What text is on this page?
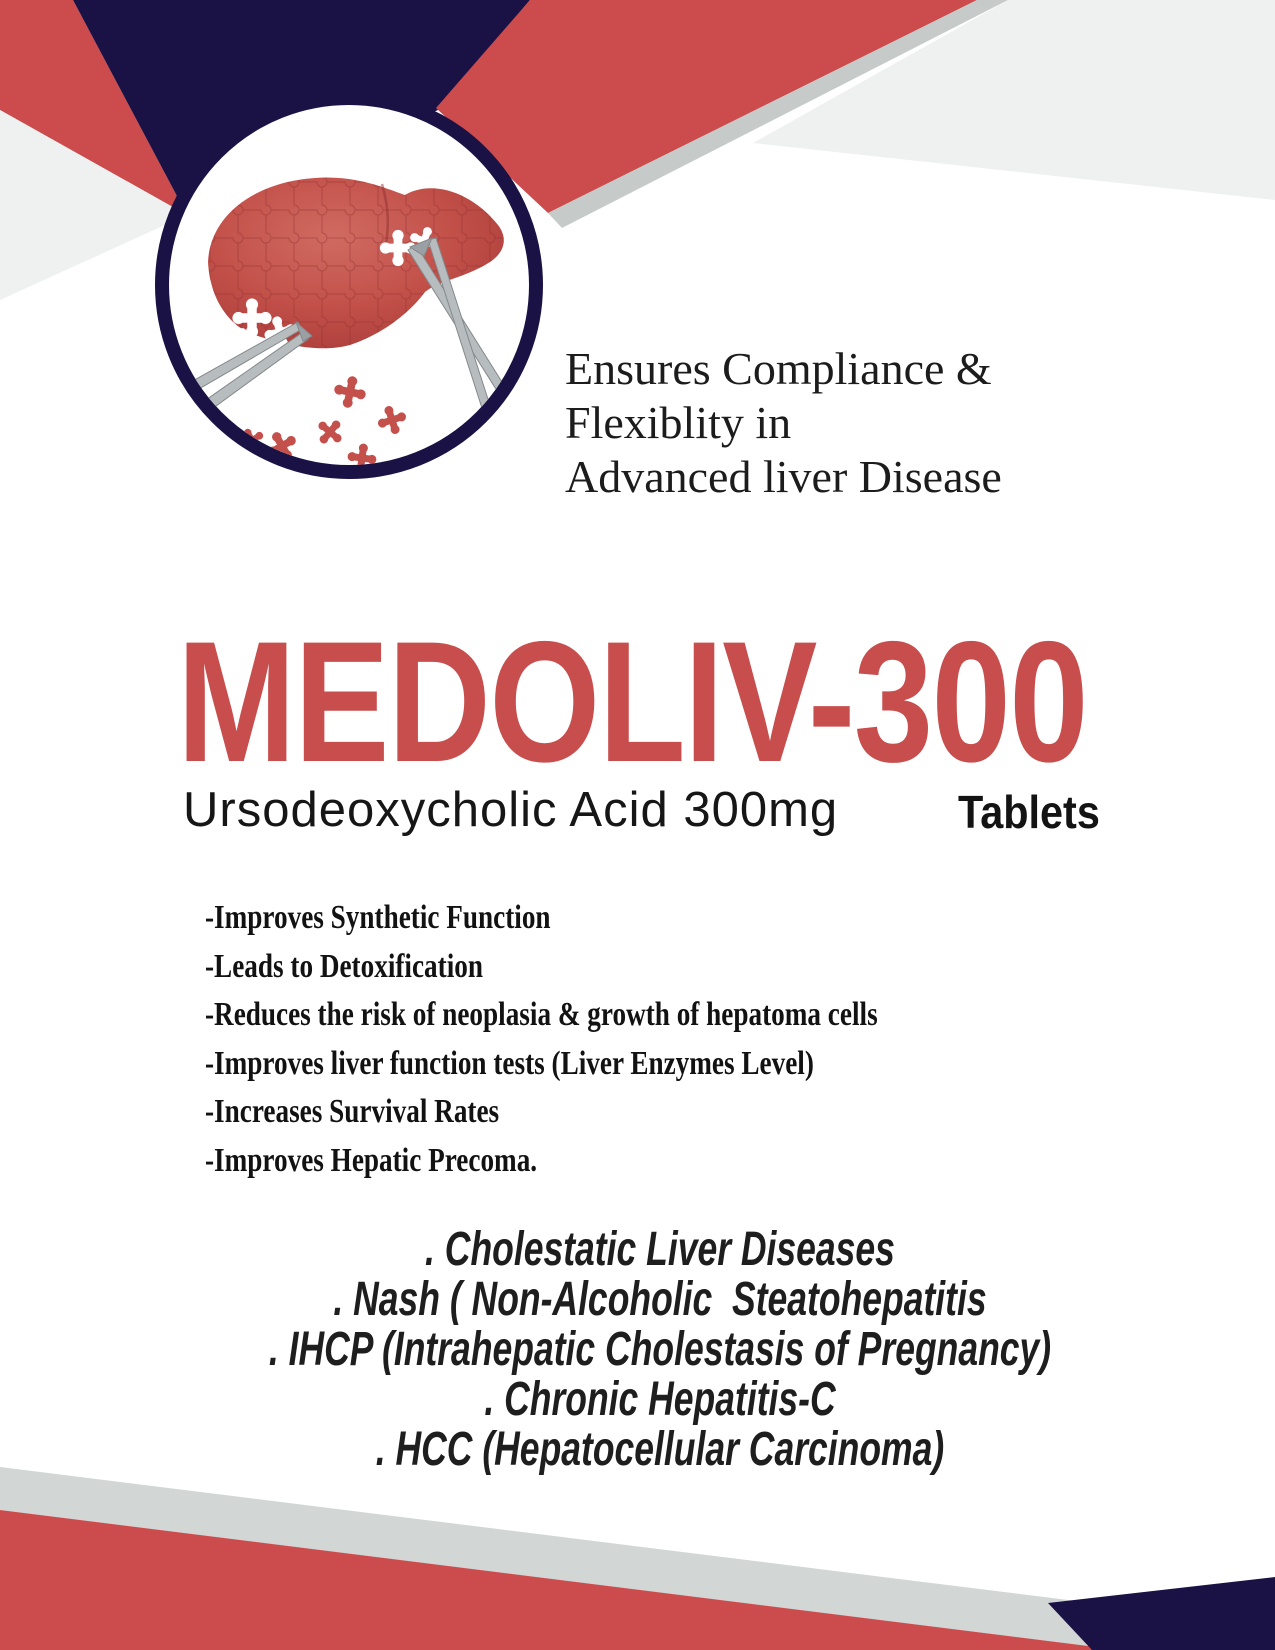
Ensures Compliance &
Flexiblity in
Advanced liver Disease
MEDOLIV-300
Ursodeoxycholic Acid 300mg	Tablets
-Improves Synthetic Function
-Leads to Detoxification
-Reduces the risk of neoplasia & growth of hepatoma cells
-Improves liver function tests (Liver Enzymes Level)
-Increases Survival Rates
-Improves Hepatic Precoma.
. Cholestatic Liver Diseases
. Nash ( Non-Alcoholic  Steatohepatitis
. IHCP (Intrahepatic Cholestasis of Pregnancy)
. Chronic Hepatitis-C
. HCC (Hepatocellular Carcinoma)
